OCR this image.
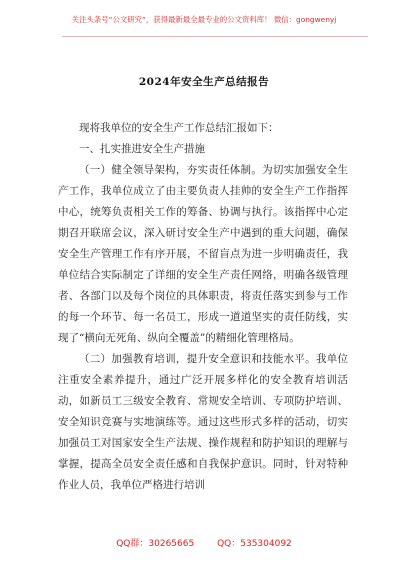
关注头条号“公文研究”，获得最新最全最专业的公文资料库！ 微信：gongwenyj
2024年安全生产总结报告

现将我单位的安全生产工作总结汇报如下：

一、扎实推进安全生产措施

（一）健全领导架构，夯实责任体制。为切实加强安全生产工作，我单位成立了由主要负责人挂帅的安全生产工作指挥中心，统筹负责相关工作的筹备、协调与执行。该指挥中心定期召开联席会议，深入研讨安全生产中遇到的重大问题，确保安全生产管理工作有序开展，不留盲点为进一步明确责任，我单位结合实际制定了详细的安全生产责任网络，明确各级管理者、各部门以及每个岗位的具体职责，将责任落实到参与工作的每一个环节、每一名员工，形成一道道坚实的责任防线，实现了“横向无死角、纵向全覆盖”的精细化管理格局。

（二）加强教育培训，提升安全意识和技能水平。我单位注重安全素养提升，通过广泛开展多样化的安全教育培训活动，如新员工三级安全教育、常规安全培训、专项防护培训、安全知识竞赛与实地演练等。通过这些形式多样的活动，切实加强员工对国家安全生产法规、操作规程和防护知识的理解与掌握，提高全员安全责任感和自我保护意识。同时，针对特种作业人员，我单位严格进行培训

QQ群：30265665	QQ：535304092
